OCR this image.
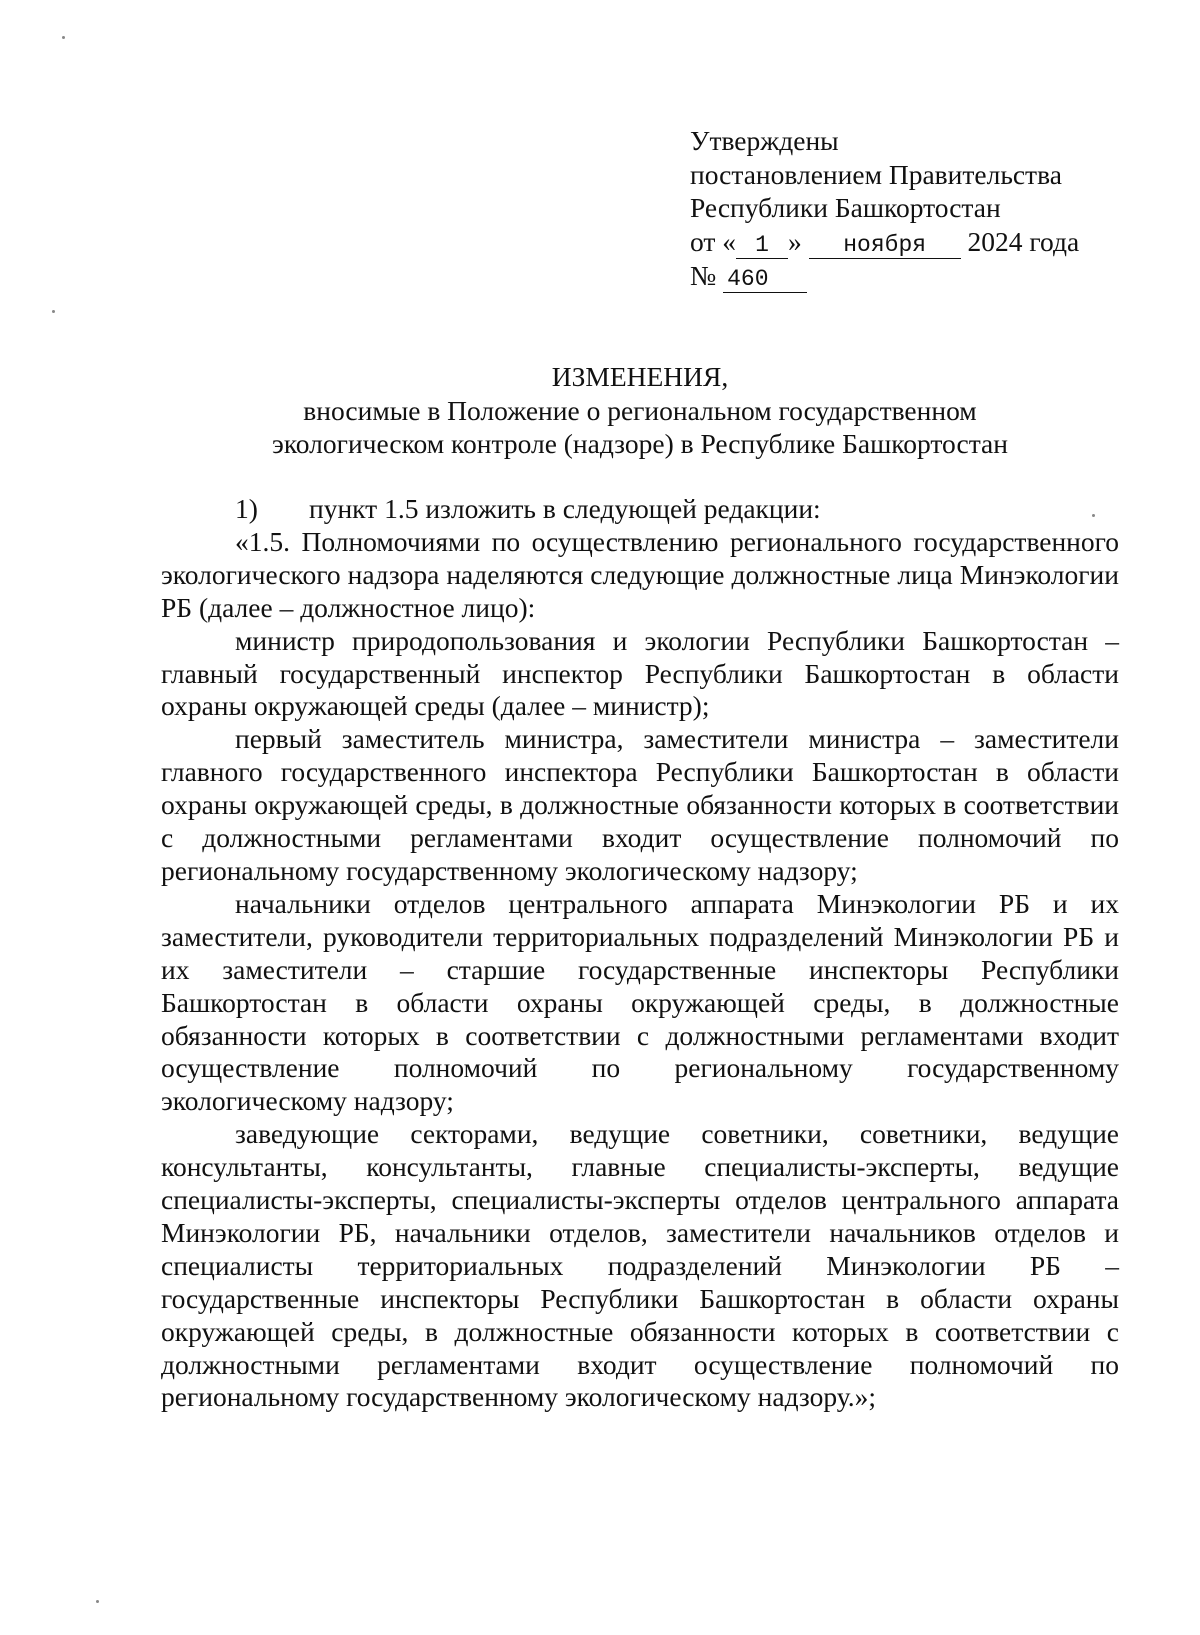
Утверждены
постановлением Правительства
Республики Башкортостан
от « 1 » ноября 2024 года
№ 460
ИЗМЕНЕНИЯ,
вносимые в Положение о региональном государственном
экологическом контроле (надзоре) в Республике Башкортостан

1) пункт 1.5 изложить в следующей редакции:

«1.5. Полномочиями по осуществлению регионального государственного экологического надзора наделяются следующие должностные лица Минэкологии РБ (далее – должностное лицо):

министр природопользования и экологии Республики Башкортостан – главный государственный инспектор Республики Башкортостан в области охраны окружающей среды (далее – министр);

первый заместитель министра, заместители министра – заместители главного государственного инспектора Республики Башкортостан в области охраны окружающей среды, в должностные обязанности которых в соответствии с должностными регламентами входит осуществление полномочий по региональному государственному экологическому надзору;

начальники отделов центрального аппарата Минэкологии РБ и их заместители, руководители территориальных подразделений Минэкологии РБ и их заместители – старшие государственные инспекторы Республики Башкортостан в области охраны окружающей среды, в должностные обязанности которых в соответствии с должностными регламентами входит осуществление полномочий по региональному государственному экологическому надзору;

заведующие секторами, ведущие советники, советники, ведущие консультанты, консультанты, главные специалисты-эксперты, ведущие специалисты-эксперты, специалисты-эксперты отделов центрального аппарата Минэкологии РБ, начальники отделов, заместители начальников отделов и специалисты территориальных подразделений Минэкологии РБ – государственные инспекторы Республики Башкортостан в области охраны окружающей среды, в должностные обязанности которых в соответствии с должностными регламентами входит осуществление полномочий по региональному государственному экологическому надзору.»;
